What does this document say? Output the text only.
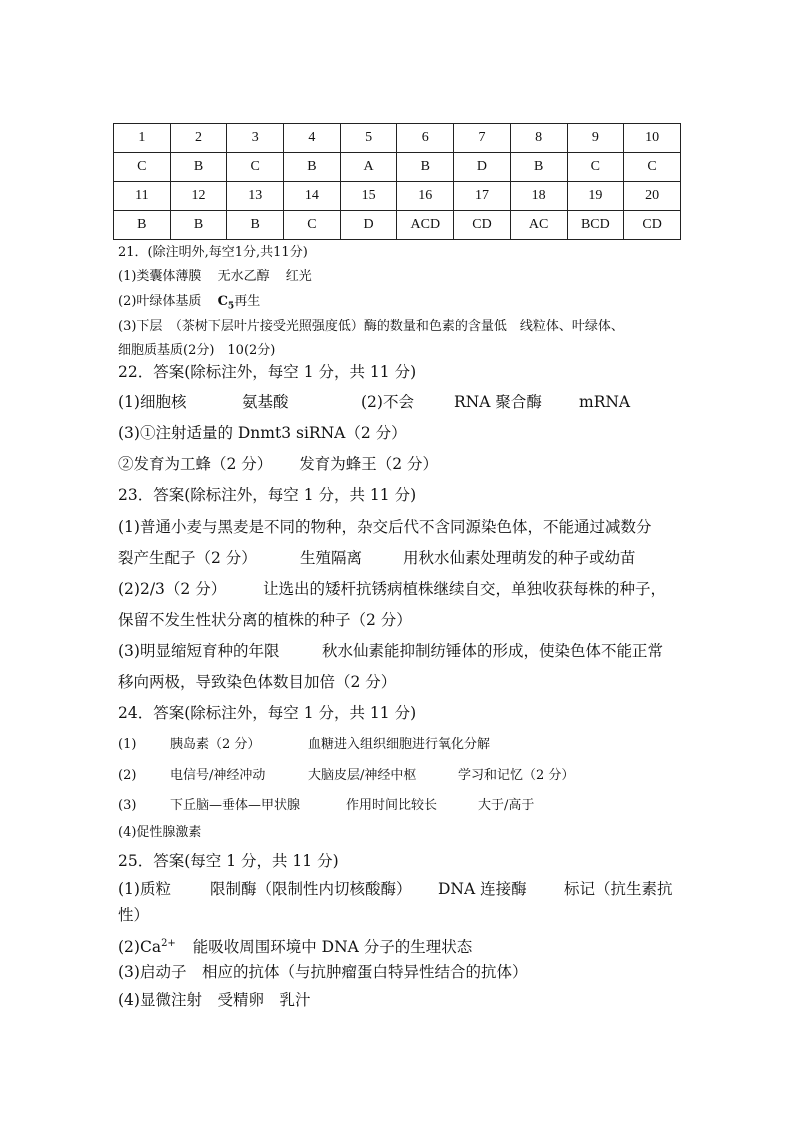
1	2	3	4	5	6	7	8	9	10
C	B	C	B	A	B	D	B	C	C
11	12	13	14	15	16	17	18	19	20
B	B	B	C	D	ACD	CD	AC	BCD	CD
21．(除注明外,每空1分,共11分)
(1)类囊体薄膜 无水乙醇 红光
(2)叶绿体基质 $C_5$再生
(3)下层　（茶树下层叶片接受光照强度低）酶的数量和色素的含量低　线粒体、叶绿体、
细胞质基质(2分)　10(2分)
22．答案(除标注外，每空 1 分，共 11 分)
(1)细胞核	氨基酸	(2)不会	RNA 聚合酶 mRNA
(3)①注射适量的 Dnmt3 siRNA（2 分）
②发育为工蜂（2 分） 发育为蜂王（2 分）
23．答案(除标注外，每空 1 分，共 11 分)
(1)普通小麦与黑麦是不同的物种，杂交后代不含同源染色体，不能通过减数分
裂产生配子（2 分）	生殖隔离	用秋水仙素处理萌发的种子或幼苗
(2)2/3（2 分） 让选出的矮杆抗锈病植株继续自交，单独收获每株的种子，
保留不发生性状分离的植株的种子（2 分）
(3)明显缩短育种的年限	秋水仙素能抑制纺锤体的形成，使染色体不能正常
移向两极，导致染色体数目加倍（2 分）
24．答案(除标注外，每空 1 分，共 11 分)
(1)	胰岛素（2 分）	血糖进入组织细胞进行氧化分解
(2)	电信号/神经冲动	大脑皮层/神经中枢	学习和记忆（2 分）
(3)	下丘脑—垂体—甲状腺	作用时间比较长	大于/高于
(4)促性腺激素
25．答案(每空 1 分，共 11 分)
(1)质粒	限制酶（限制性内切核酸酶） DNA 连接酶 标记（抗生素抗
性）
$(2)Ca^{2+}$ 能吸收周围环境中 DNA 分子的生理状态
(3)启动子　相应的抗体（与抗肿瘤蛋白特异性结合的抗体）
(4)显微注射　受精卵　乳汁
